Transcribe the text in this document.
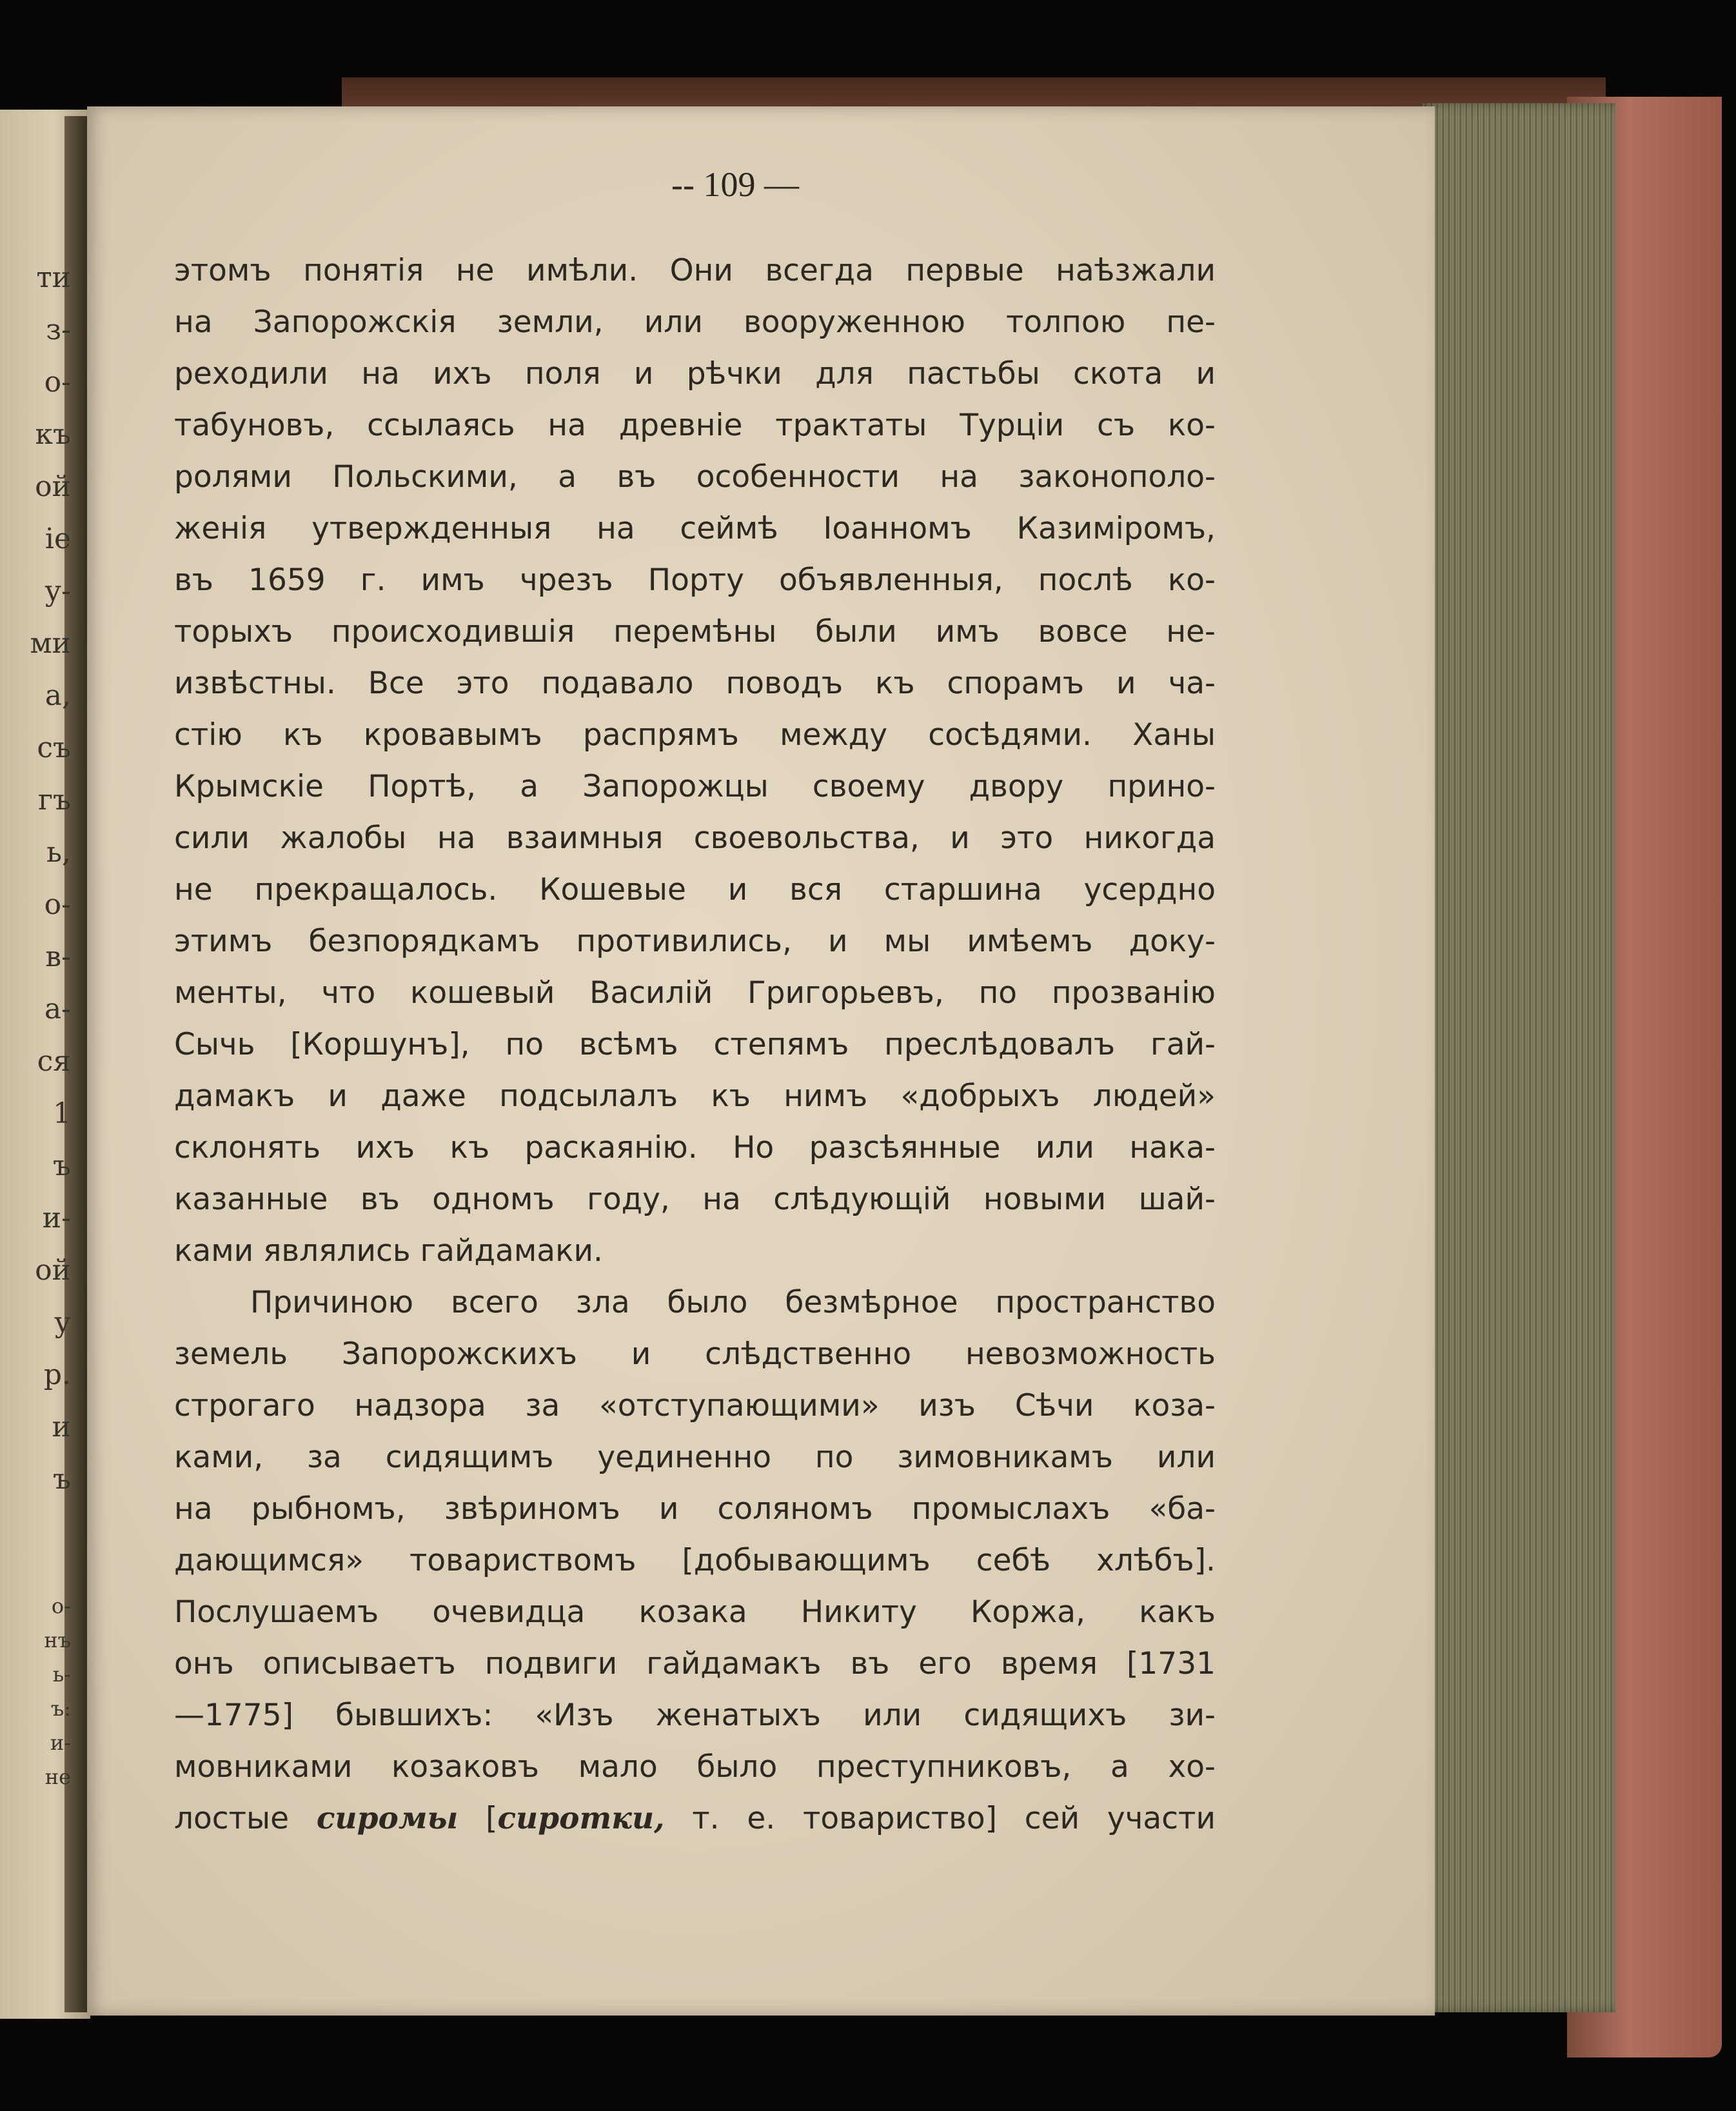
ти
з-
о-
къ
ой
іе
у-
ми
а,
съ
гъ
ь,
о-
в-
а-
ся
1
ъ
и-
ой
у
р.
и
ъ
о-
нъ
ь-
ъ:
и-
не
-- 109 —
этомъ понятія не имѣли. Они всегда первые наѣзжали
на Запорожскія земли, или вооруженною толпою пе-
реходили на ихъ поля и рѣчки для пастьбы скота и
табуновъ, ссылаясь на древніе трактаты Турціи съ ко-
ролями Польскими, а въ особенности на законополо-
женія утвержденныя на сеймѣ Іоанномъ Казиміромъ,
въ 1659 г. имъ чрезъ Порту объявленныя, послѣ ко-
торыхъ происходившія перемѣны были имъ вовсе не-
извѣстны. Все это подавало поводъ къ спорамъ и ча-
стію къ кровавымъ распрямъ между сосѣдями. Ханы
Крымскіе Портѣ, а Запорожцы своему двору прино-
сили жалобы на взаимныя своевольства, и это никогда
не прекращалось. Кошевые и вся старшина усердно
этимъ безпорядкамъ противились, и мы имѣемъ доку-
менты, что кошевый Василій Григорьевъ, по прозванію
Сычь [Коршунъ], по всѣмъ степямъ преслѣдовалъ гай-
дамакъ и даже подсылалъ къ нимъ «добрыхъ людей»
склонять ихъ къ раскаянію. Но разсѣянные или нака-
казанные въ одномъ году, на слѣдующій новыми шай-
ками являлись гайдамаки.
Причиною всего зла было безмѣрное пространство
земель Запорожскихъ и слѣдственно невозможность
строгаго надзора за «отступающими» изъ Сѣчи коза-
ками, за сидящимъ уединенно по зимовникамъ или
на рыбномъ, звѣриномъ и соляномъ промыслахъ «ба-
дающимся» товариствомъ [добывающимъ себѣ хлѣбъ].
Послушаемъ очевидца козака Никиту Коржа, какъ
онъ описываетъ подвиги гайдамакъ въ его время [1731
—1775] бывшихъ: «Изъ женатыхъ или сидящихъ зи-
мовниками козаковъ мало было преступниковъ, а хо-
лостые сиромы [сиротки, т. е. товариство] сей участи
